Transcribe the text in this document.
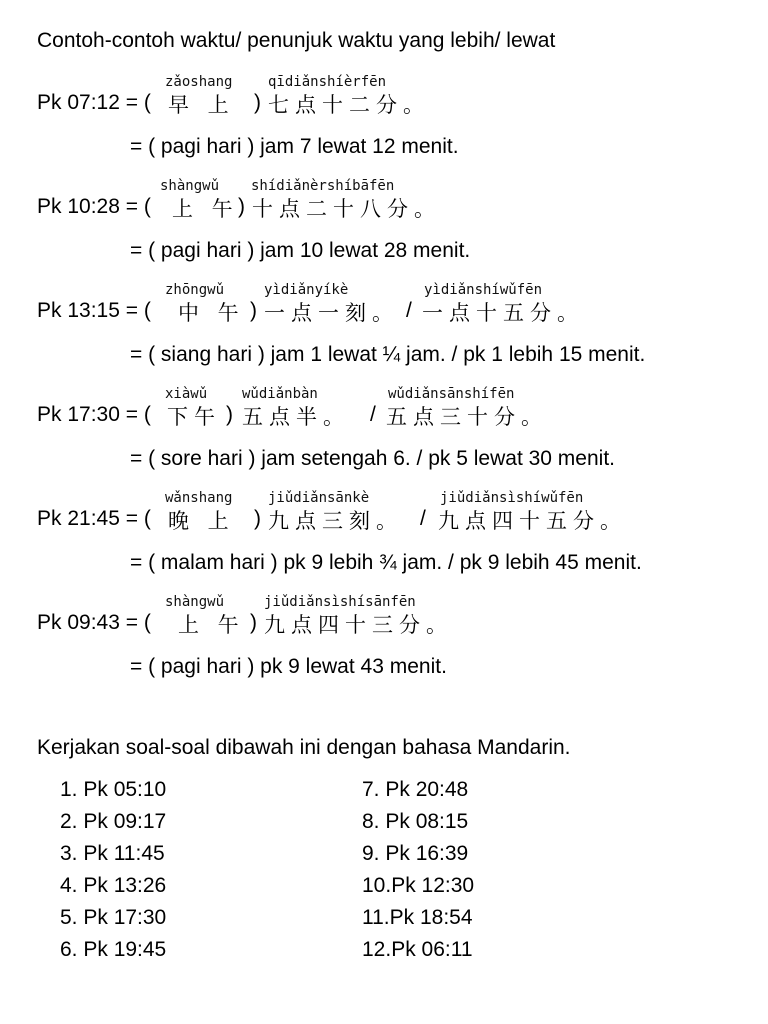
Contoh-contoh waktu/ penunjuk waktu yang lebih/ lewat
zǎoshang	qīdiǎnshíèrfēn
Pk 07:12 = ( 早 上 ) 七点十二分。
= ( pagi hari ) jam 7 lewat 12 menit.
shàngwǔ shídiǎnèrshíbāfēn
Pk 10:28 = ( 上 午 ) 十点二十八分。
= ( pagi hari ) jam 10 lewat 28 menit.
zhōngwǔ	yìdiǎnyíkè	yìdiǎnshíwǔfēn
Pk 13:15 = ( 中 午 ) 一点一刻。 / 一点十五分。
= ( siang hari ) jam 1 lewat ¼ jam. / pk 1 lebih 15 menit.
xiàwǔ wǔdiǎnbàn	wǔdiǎnsānshífēn
Pk 17:30 = ( 下午 ) 五点半。 / 五点三十分。
= ( sore hari ) jam setengah 6. / pk 5 lewat 30 menit.
wǎnshang	jiǔdiǎnsānkè	jiǔdiǎnsìshíwǔfēn
Pk 21:45 = ( 晚 上 ) 九点三刻。 / 九点四十五分。
= ( malam hari ) pk 9 lebih ¾ jam. / pk 9 lebih 45 menit.
shàngwǔ	jiǔdiǎnsìshísānfēn
Pk 09:43 = ( 上 午 ) 九点四十三分。
= ( pagi hari ) pk 9 lewat 43 menit.
Kerjakan soal-soal dibawah ini dengan bahasa Mandarin.
1. Pk 05:10
2. Pk 09:17
3. Pk 11:45
4. Pk 13:26
5. Pk 17:30
6. Pk 19:45
7. Pk 20:48
8. Pk 08:15
9. Pk 16:39
10.Pk 12:30
11.Pk 18:54
12.Pk 06:11
